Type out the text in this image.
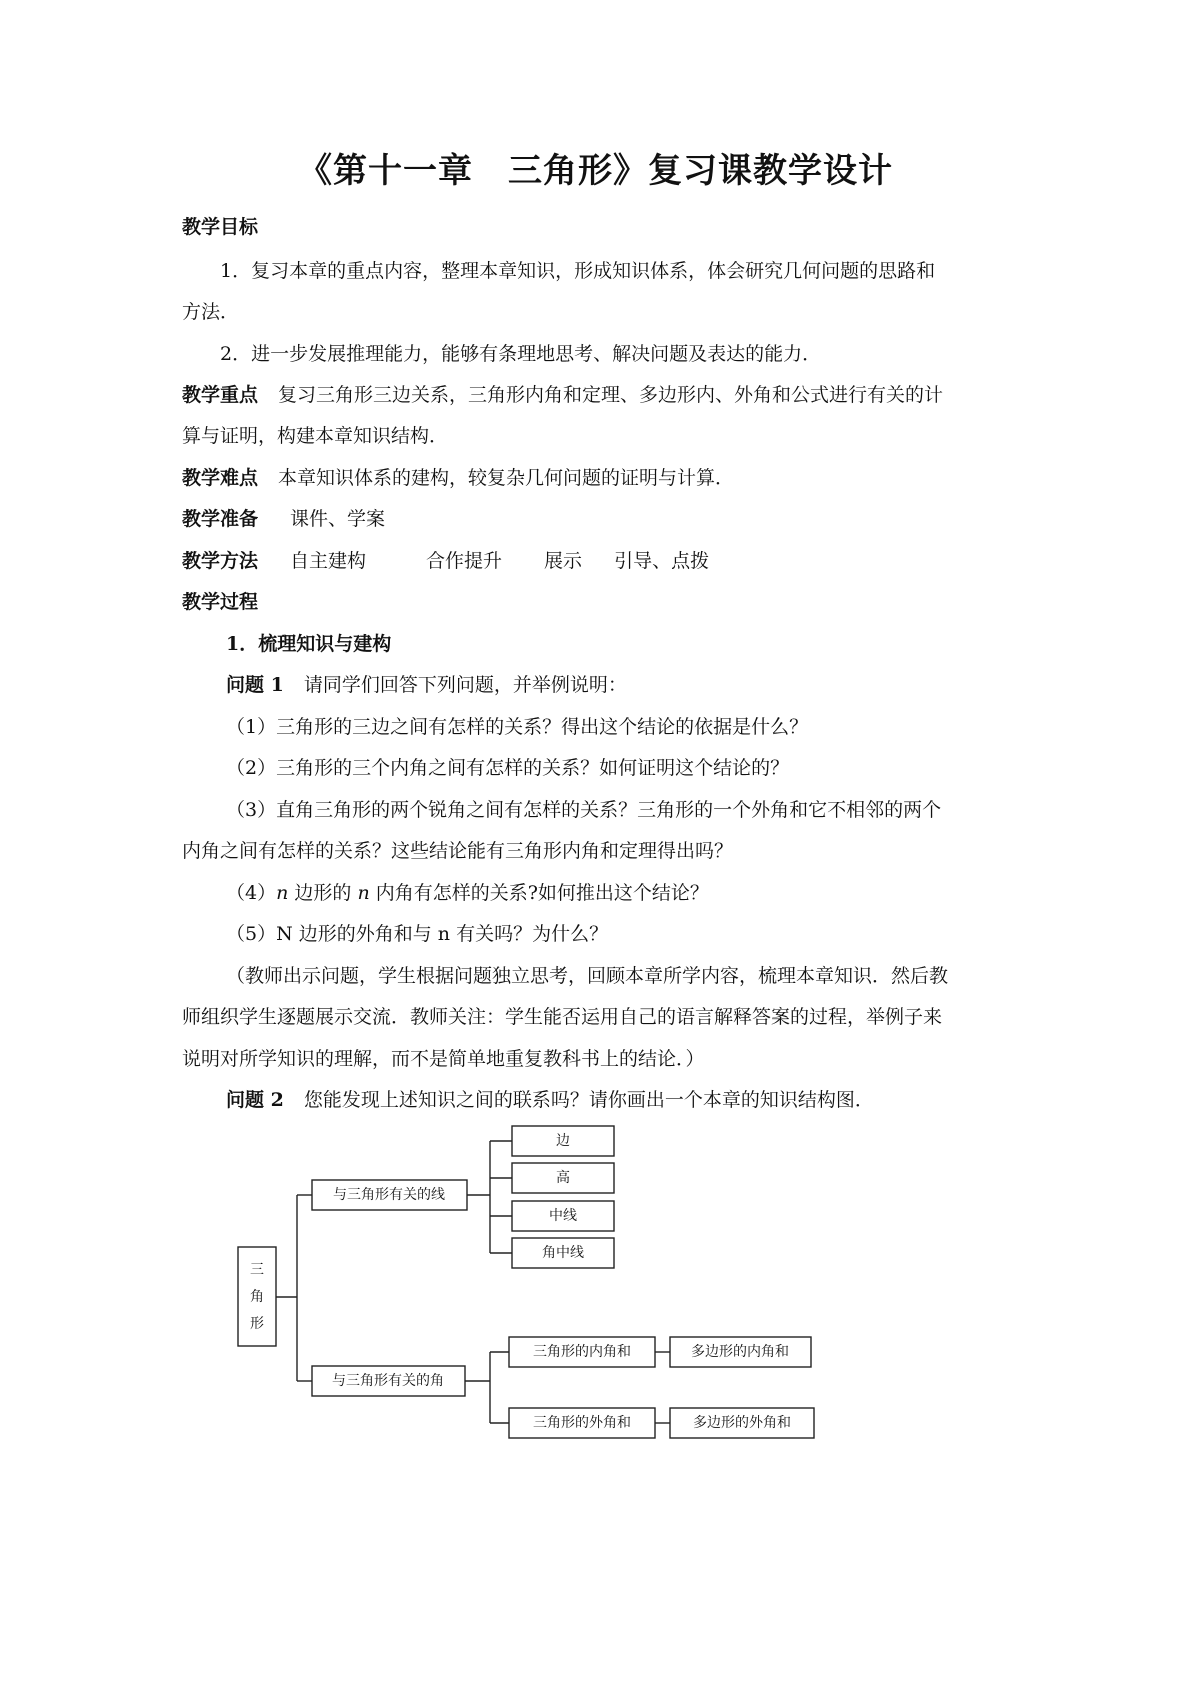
《第十一章　三角形》复习课教学设计
教学目标
1．复习本章的重点内容，整理本章知识，形成知识体系，体会研究几何问题的思路和
方法．
2．进一步发展推理能力，能够有条理地思考、解决问题及表达的能力．
教学重点 复习三角形三边关系，三角形内角和定理、多边形内、外角和公式进行有关的计
算与证明，构建本章知识结构．
教学难点 本章知识体系的建构，较复杂几何问题的证明与计算．
教学准备 课件、学案
教学方法 自主建构	合作提升 展示 引导、点拨
教学过程
1．梳理知识与建构
问题 1 请同学们回答下列问题，并举例说明：
（1）三角形的三边之间有怎样的关系？得出这个结论的依据是什么？
（2）三角形的三个内角之间有怎样的关系？如何证明这个结论的？
（3）直角三角形的两个锐角之间有怎样的关系？三角形的一个外角和它不相邻的两个
内角之间有怎样的关系？这些结论能有三角形内角和定理得出吗？
（4）n 边形的 n 内角有怎样的关系?如何推出这个结论？
（5）N 边形的外角和与 n 有关吗？为什么？
（教师出示问题，学生根据问题独立思考，回顾本章所学内容，梳理本章知识．然后教
师组织学生逐题展示交流．教师关注：学生能否运用自己的语言解释答案的过程，举例子来
说明对所学知识的理解，而不是简单地重复教科书上的结论．）
问题 2 您能发现上述知识之间的联系吗？请你画出一个本章的知识结构图．
三
角
形
与三角形有关的线
边
高
中线
角中线
与三角形有关的角
三角形的内角和	多边形的内角和
三角形的外角和	多边形的外角和
